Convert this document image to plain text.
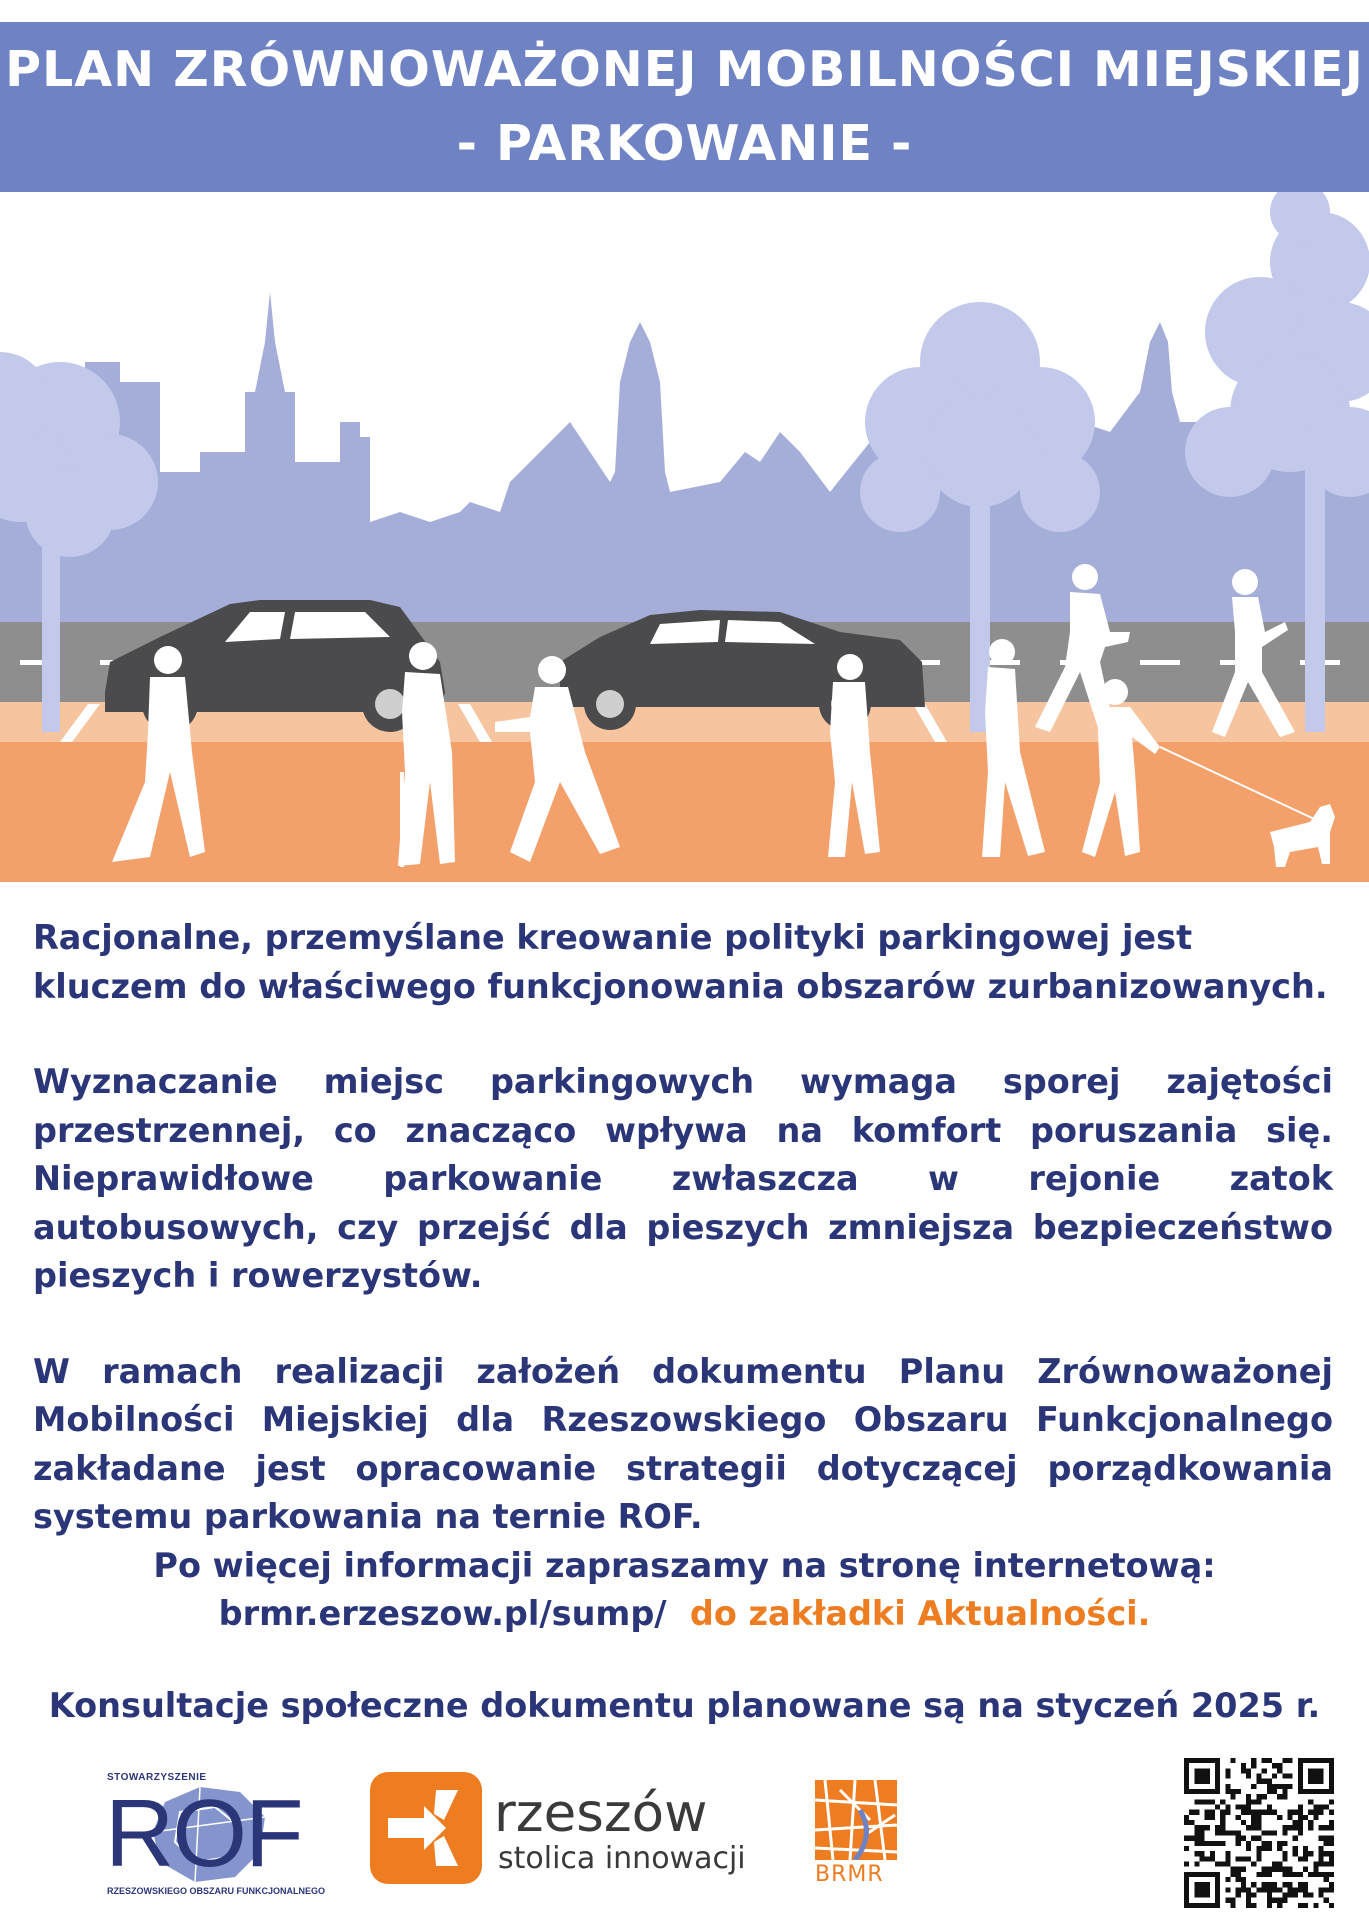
PLAN ZRÓWNOWAŻONEJ MOBILNOŚCI MIEJSKIEJ
- PARKOWANIE -

Racjonalne, przemyślane kreowanie polityki parkingowej jest kluczem do właściwego funkcjonowania obszarów zurbanizowanych.

Wyznaczanie miejsc parkingowych wymaga sporej zajętości przestrzennej, co znacząco wpływa na komfort poruszania się. Nieprawidłowe parkowanie zwłaszcza w rejonie zatok autobusowych, czy przejść dla pieszych zmniejsza bezpieczeństwo pieszych i rowerzystów.

W ramach realizacji założeń dokumentu Planu Zrównoważonej Mobilności Miejskiej dla Rzeszowskiego Obszaru Funkcjonalnego zakładane jest opracowanie strategii dotyczącej porządkowania systemu parkowania na ternie ROF.

Po więcej informacji zapraszamy na stronę internetową:
brmr.erzeszow.pl/sump/ do zakładki Aktualności.
Konsultacje społeczne dokumentu planowane są na styczeń 2025 r.
STOWARZYSZENIE
ROF
RZESZOWSKIEGO OBSZARU FUNKCJONALNEGO
rzeszów
stolica innowacji	BRMR
